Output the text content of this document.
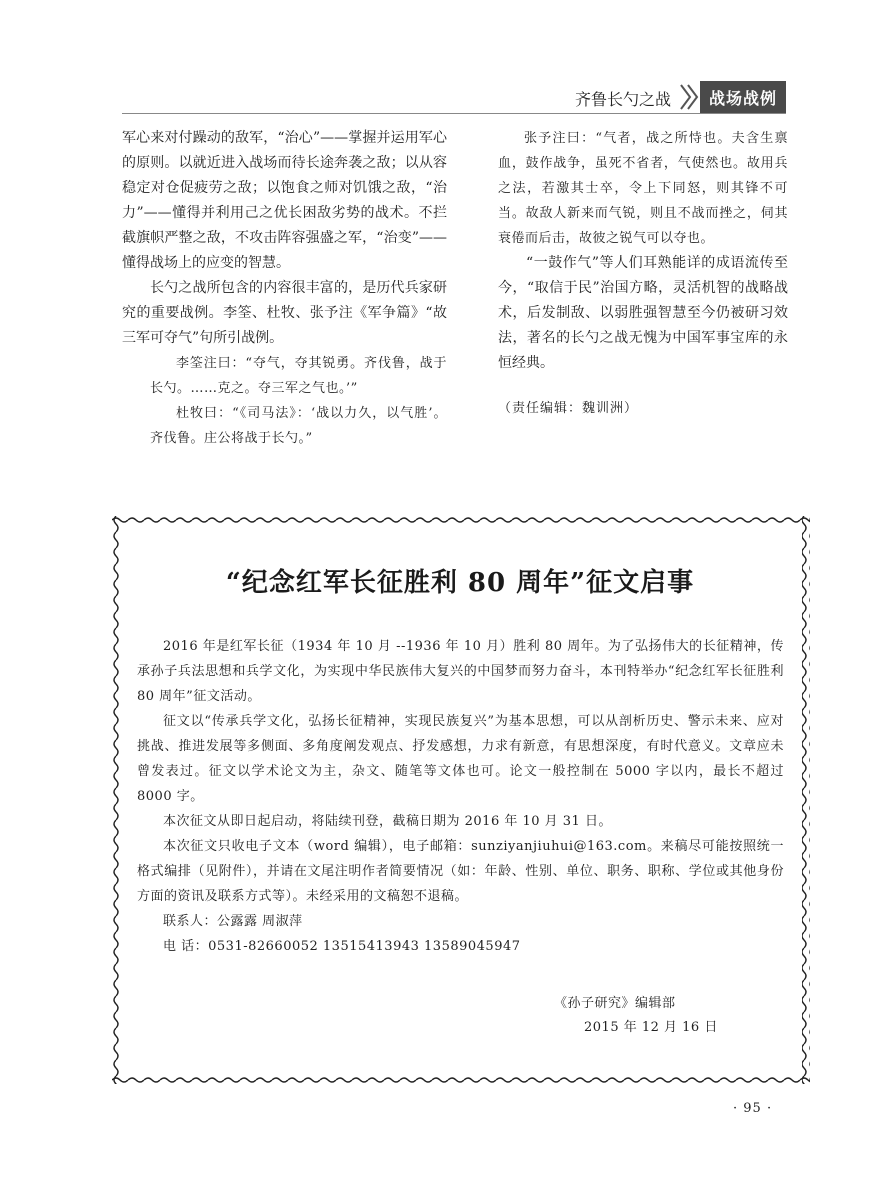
齐鲁长勺之战	战场战例

军心来对付躁动的敌军，“治心”——掌握并运用军心的原则。以就近进入战场而待长途奔袭之敌；以从容稳定对仓促疲劳之敌；以饱食之师对饥饿之敌，“治力”——懂得并利用己之优长困敌劣势的战术。不拦截旗帜严整之敌，不攻击阵容强盛之军，“治变”——懂得战场上的应变的智慧。

长勺之战所包含的内容很丰富的，是历代兵家研究的重要战例。李筌、杜牧、张予注《军争篇》“故三军可夺气”句所引战例。

李筌注曰：“夺气，夺其锐勇。齐伐鲁，战于长勺。……克之。夺三军之气也。’”

杜牧曰：“《司马法》：‘战以力久，以气胜’。齐伐鲁。庄公将战于长勺。”

张予注曰：“气者，战之所恃也。夫含生禀血，鼓作战争，虽死不省者，气使然也。故用兵之法，若激其士卒，令上下同怒，则其锋不可当。故敌人新来而气锐，则且不战而挫之，伺其衰倦而后击，故彼之锐气可以夺也。

“一鼓作气”等人们耳熟能详的成语流传至今，“取信于民”治国方略，灵活机智的战略战术，后发制敌、以弱胜强智慧至今仍被研习效法，著名的长勺之战无愧为中国军事宝库的永恒经典。

（责任编辑：魏训洲）

“纪念红军长征胜利 80 周年”征文启事

2016 年是红军长征（1934 年 10 月 --1936 年 10 月）胜利 80 周年。为了弘扬伟大的长征精神，传承孙子兵法思想和兵学文化，为实现中华民族伟大复兴的中国梦而努力奋斗，本刊特举办“纪念红军长征胜利 80 周年”征文活动。

征文以“传承兵学文化，弘扬长征精神，实现民族复兴”为基本思想，可以从剖析历史、警示未来、应对挑战、推进发展等多侧面、多角度阐发观点、抒发感想，力求有新意，有思想深度，有时代意义。文章应未曾发表过。征文以学术论文为主，杂文、随笔等文体也可。论文一般控制在 5000 字以内，最长不超过 8000 字。

本次征文从即日起启动，将陆续刊登，截稿日期为 2016 年 10 月 31 日。

本次征文只收电子文本（word 编辑），电子邮箱：sunziyanjiuhui@163.com。来稿尽可能按照统一格式编排（见附件），并请在文尾注明作者简要情况（如：年龄、性别、单位、职务、职称、学位或其他身份方面的资讯及联系方式等）。未经采用的文稿恕不退稿。

联系人：公露露 周淑萍

电 话：0531-82660052 13515413943 13589045947

《孙子研究》编辑部
2015 年 12 月 16 日
· 95 ·
